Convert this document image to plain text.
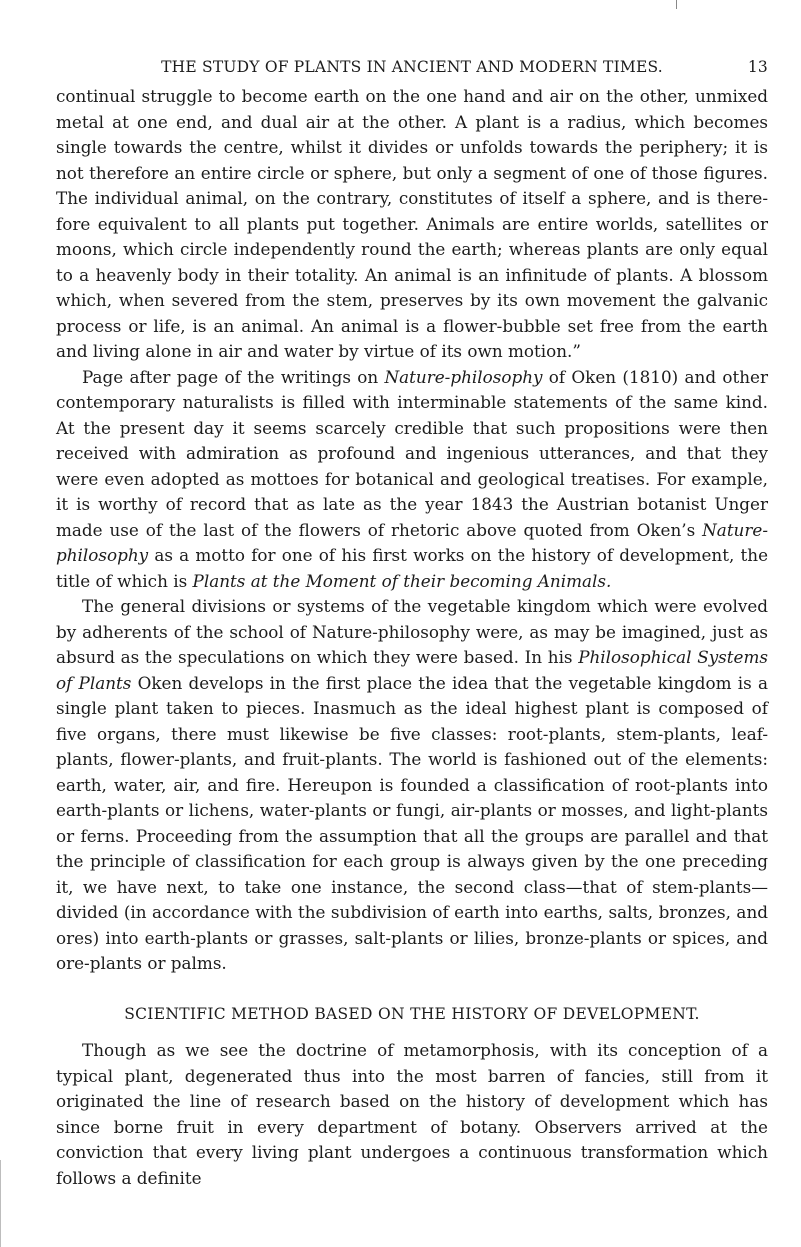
THE STUDY OF PLANTS IN ANCIENT AND MODERN TIMES.	13

continual struggle to become earth on the one hand and air on the other, unmixed metal at one end, and dual air at the other. A plant is a radius, which becomes single towards the centre, whilst it divides or unfolds towards the periphery; it is not therefore an entire circle or sphere, but only a segment of one of those figures. The individual animal, on the contrary, constitutes of itself a sphere, and is there-fore equivalent to all plants put together. Animals are entire worlds, satellites or moons, which circle independently round the earth; whereas plants are only equal to a heavenly body in their totality. An animal is an infinitude of plants. A blossom which, when severed from the stem, preserves by its own movement the galvanic process or life, is an animal. An animal is a flower-bubble set free from the earth and living alone in air and water by virtue of its own motion.”

Page after page of the writings on Nature-philosophy of Oken (1810) and other contemporary naturalists is filled with interminable statements of the same kind. At the present day it seems scarcely credible that such propositions were then received with admiration as profound and ingenious utterances, and that they were even adopted as mottoes for botanical and geological treatises. For example, it is worthy of record that as late as the year 1843 the Austrian botanist Unger made use of the last of the flowers of rhetoric above quoted from Oken’s Nature-philosophy as a motto for one of his first works on the history of development, the title of which is Plants at the Moment of their becoming Animals.

The general divisions or systems of the vegetable kingdom which were evolved by adherents of the school of Nature-philosophy were, as may be imagined, just as absurd as the speculations on which they were based. In his Philosophical Systems of Plants Oken develops in the first place the idea that the vegetable kingdom is a single plant taken to pieces. Inasmuch as the ideal highest plant is composed of five organs, there must likewise be five classes: root-plants, stem-plants, leaf-plants, flower-plants, and fruit-plants. The world is fashioned out of the elements: earth, water, air, and fire. Hereupon is founded a classification of root-plants into earth-plants or lichens, water-plants or fungi, air-plants or mosses, and light-plants or ferns. Proceeding from the assumption that all the groups are parallel and that the principle of classification for each group is always given by the one preceding it, we have next, to take one instance, the second class—that of stem-plants—divided (in accordance with the subdivision of earth into earths, salts, bronzes, and ores) into earth-plants or grasses, salt-plants or lilies, bronze-plants or spices, and ore-plants or palms.

SCIENTIFIC METHOD BASED ON THE HISTORY OF DEVELOPMENT.

Though as we see the doctrine of metamorphosis, with its conception of a typical plant, degenerated thus into the most barren of fancies, still from it originated the line of research based on the history of development which has since borne fruit in every department of botany. Observers arrived at the conviction that every living plant undergoes a continuous transformation which follows a definite
